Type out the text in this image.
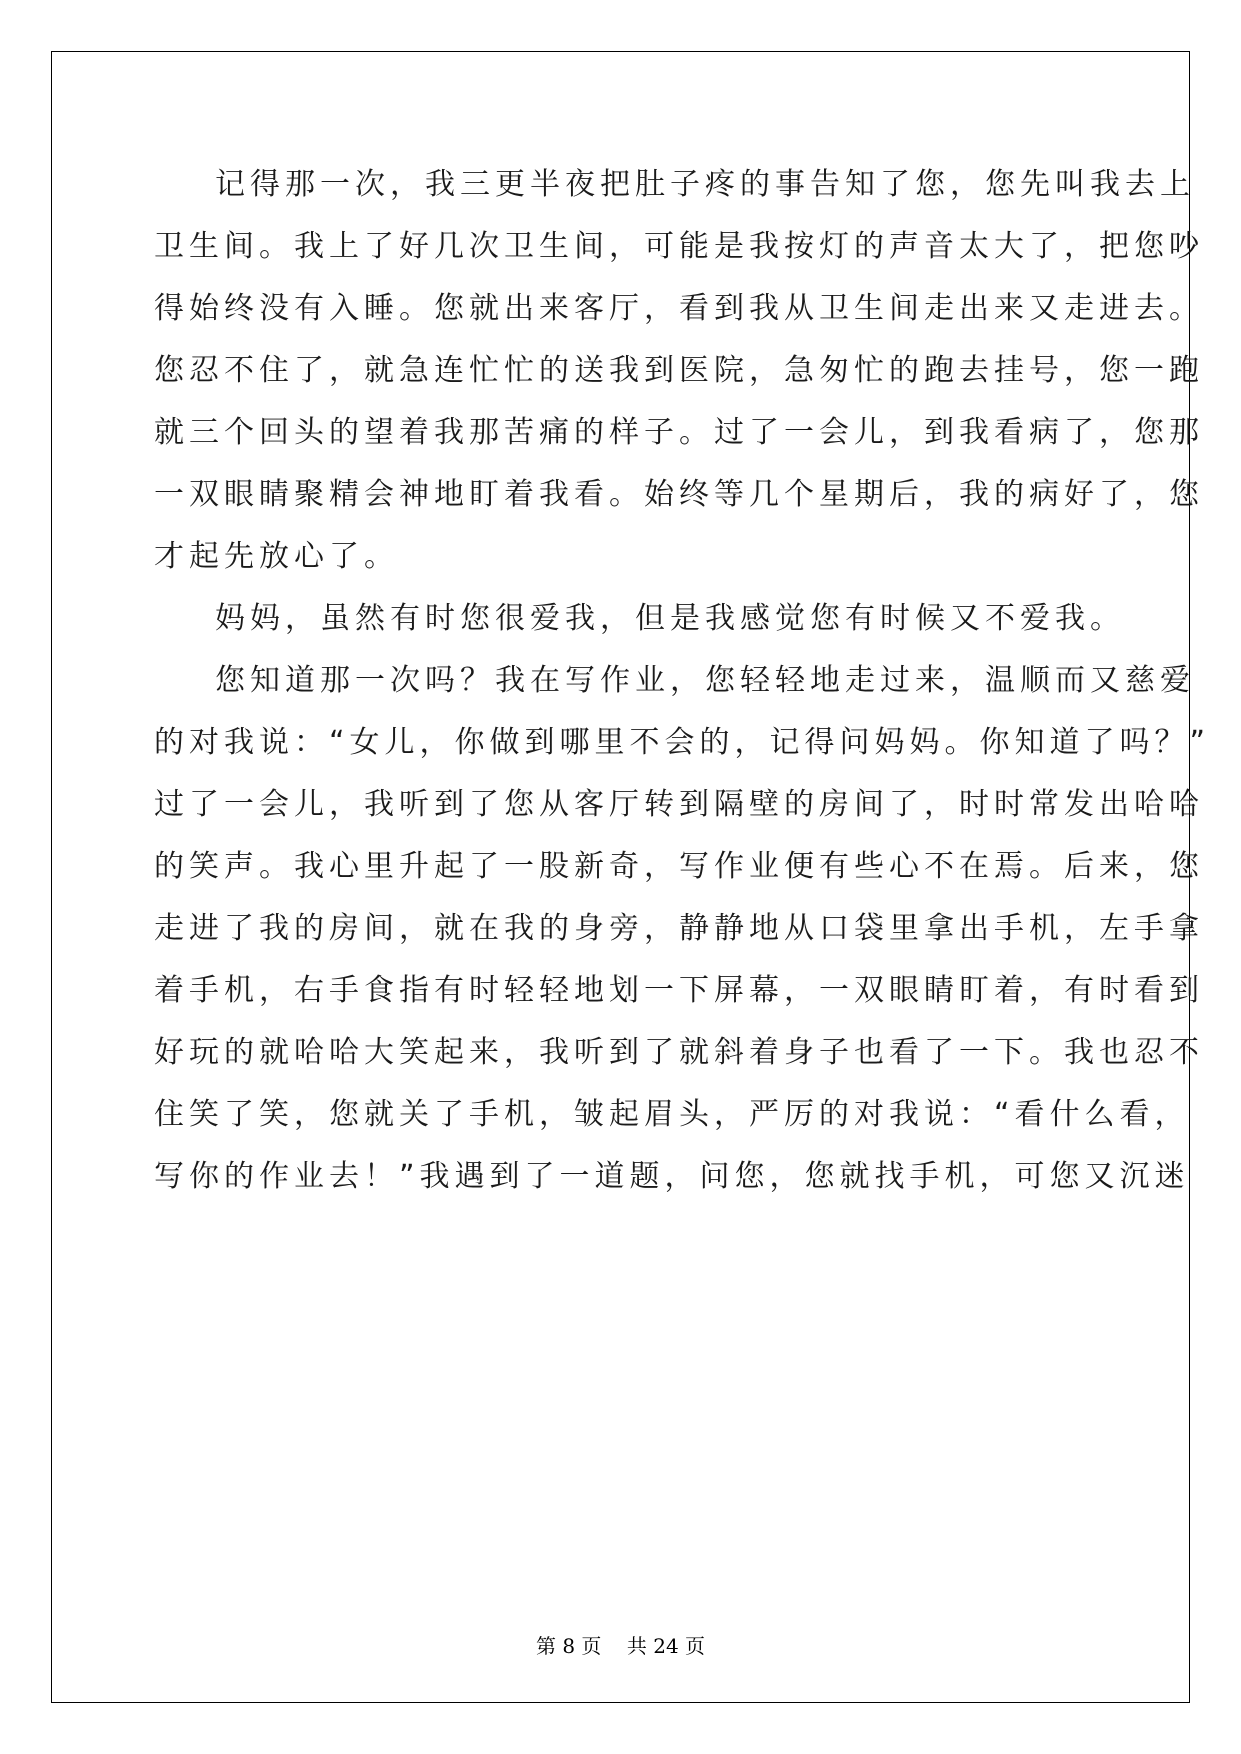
记得那一次，我三更半夜把肚子疼的事告知了您，您先叫我去上
卫生间。我上了好几次卫生间，可能是我按灯的声音太大了，把您吵
得始终没有入睡。您就出来客厅，看到我从卫生间走出来又走进去。
您忍不住了，就急连忙忙的送我到医院，急匆忙的跑去挂号，您一跑
就三个回头的望着我那苦痛的样子。过了一会儿，到我看病了，您那
一双眼睛聚精会神地盯着我看。始终等几个星期后，我的病好了，您
才起先放心了。
妈妈，虽然有时您很爱我，但是我感觉您有时候又不爱我。
您知道那一次吗？我在写作业，您轻轻地走过来，温顺而又慈爱
的对我说：“女儿，你做到哪里不会的，记得问妈妈。你知道了吗？”
过了一会儿，我听到了您从客厅转到隔壁的房间了，时时常发出哈哈
的笑声。我心里升起了一股新奇，写作业便有些心不在焉。后来，您
走进了我的房间，就在我的身旁，静静地从口袋里拿出手机，左手拿
着手机，右手食指有时轻轻地划一下屏幕，一双眼睛盯着，有时看到
好玩的就哈哈大笑起来，我听到了就斜着身子也看了一下。我也忍不
住笑了笑，您就关了手机，皱起眉头，严厉的对我说：“看什么看，
写你的作业去！”我遇到了一道题，问您，您就找手机，可您又沉迷
第 8 页 共 24 页
